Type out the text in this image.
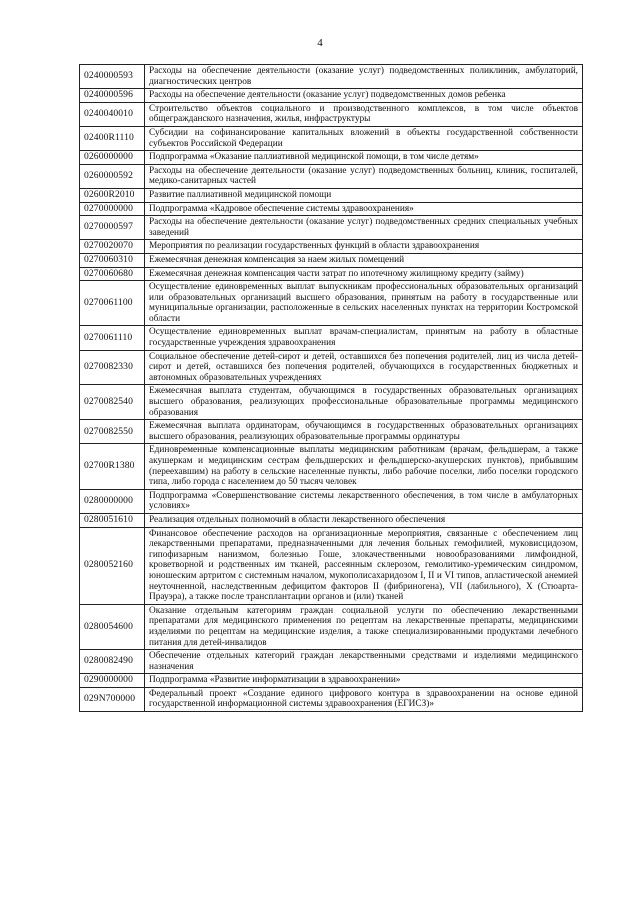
4
0240000593	Расходы на обеспечение деятельности (оказание услуг) подведомственных поликлиник, амбулаторий, диагностических центров
0240000596	Расходы на обеспечение деятельности (оказание услуг) подведомственных домов ребенка
0240040010	Строительство объектов социального и производственного комплексов, в том числе объектов общегражданского назначения, жилья, инфраструктуры
02400R1110	Субсидии на софинансирование капитальных вложений в объекты государственной собственности субъектов Российской Федерации
0260000000	Подпрограмма «Оказание паллиативной медицинской помощи, в том числе детям»
0260000592	Расходы на обеспечение деятельности (оказание услуг) подведомственных больниц, клиник, госпиталей, медико-санитарных частей
02600R2010	Развитие паллиативной медицинской помощи
0270000000	Подпрограмма «Кадровое обеспечение системы здравоохранения»
0270000597	Расходы на обеспечение деятельности (оказание услуг) подведомственных средних специальных учебных заведений
0270020070	Мероприятия по реализации государственных функций в области здравоохранения
0270060310	Ежемесячная денежная компенсация за наем жилых помещений
0270060680	Ежемесячная денежная компенсация части затрат по ипотечному жилищному кредиту (займу)
0270061100	Осуществление единовременных выплат выпускникам профессиональных образовательных организаций или образовательных организаций высшего образования, принятым на работу в государственные или муниципальные организации, расположенные в сельских населенных пунктах на территории Костромской области
0270061110	Осуществление единовременных выплат врачам-специалистам, принятым на работу в областные государственные учреждения здравоохранения
0270082330	Социальное обеспечение детей-сирот и детей, оставшихся без попечения родителей, лиц из числа детей-сирот и детей, оставшихся без попечения родителей, обучающихся в государственных бюджетных и автономных образовательных учреждениях
0270082540	Ежемесячная выплата студентам, обучающимся в государственных образовательных организациях высшего образования, реализующих профессиональные образовательные программы медицинского образования
0270082550	Ежемесячная выплата ординаторам, обучающимся в государственных образовательных организациях высшего образования, реализующих образовательные программы ординатуры
02700R1380	Единовременные компенсационные выплаты медицинским работникам (врачам, фельдшерам, а также акушеркам и медицинским сестрам фельдшерских и фельдшерско-акушерских пунктов), прибывшим (переехавшим) на работу в сельские населенные пункты, либо рабочие поселки, либо поселки городского типа, либо города с населением до 50 тысяч человек
0280000000	Подпрограмма «Совершенствование системы лекарственного обеспечения, в том числе в амбулаторных условиях»
0280051610	Реализация отдельных полномочий в области лекарственного обеспечения
0280052160	Финансовое обеспечение расходов на организационные мероприятия, связанные с обеспечением лиц лекарственными препаратами, предназначенными для лечения больных гемофилией, муковисцидозом, гипофизарным нанизмом, болезнью Гоше, злокачественными новообразованиями лимфоидной, кроветворной и родственных им тканей, рассеянным склерозом, гемолитико-уремическим синдромом, юношеским артритом с системным началом, мукополисахаридозом I, II и VI типов, апластической анемией неуточненной, наследственным дефицитом факторов II (фибриногена), VII (лабильного), X (Стюарта-Прауэра), а также после трансплантации органов и (или) тканей
0280054600	Оказание отдельным категориям граждан социальной услуги по обеспечению лекарственными препаратами для медицинского применения по рецептам на лекарственные препараты, медицинскими изделиями по рецептам на медицинские изделия, а также специализированными продуктами лечебного питания для детей-инвалидов
0280082490	Обеспечение отдельных категорий граждан лекарственными средствами и изделиями медицинского назначения
0290000000	Подпрограмма «Развитие информатизации в здравоохранении»
029N700000	Федеральный проект «Создание единого цифрового контура в здравоохранении на основе единой государственной информационной системы здравоохранения (ЕГИСЗ)»
